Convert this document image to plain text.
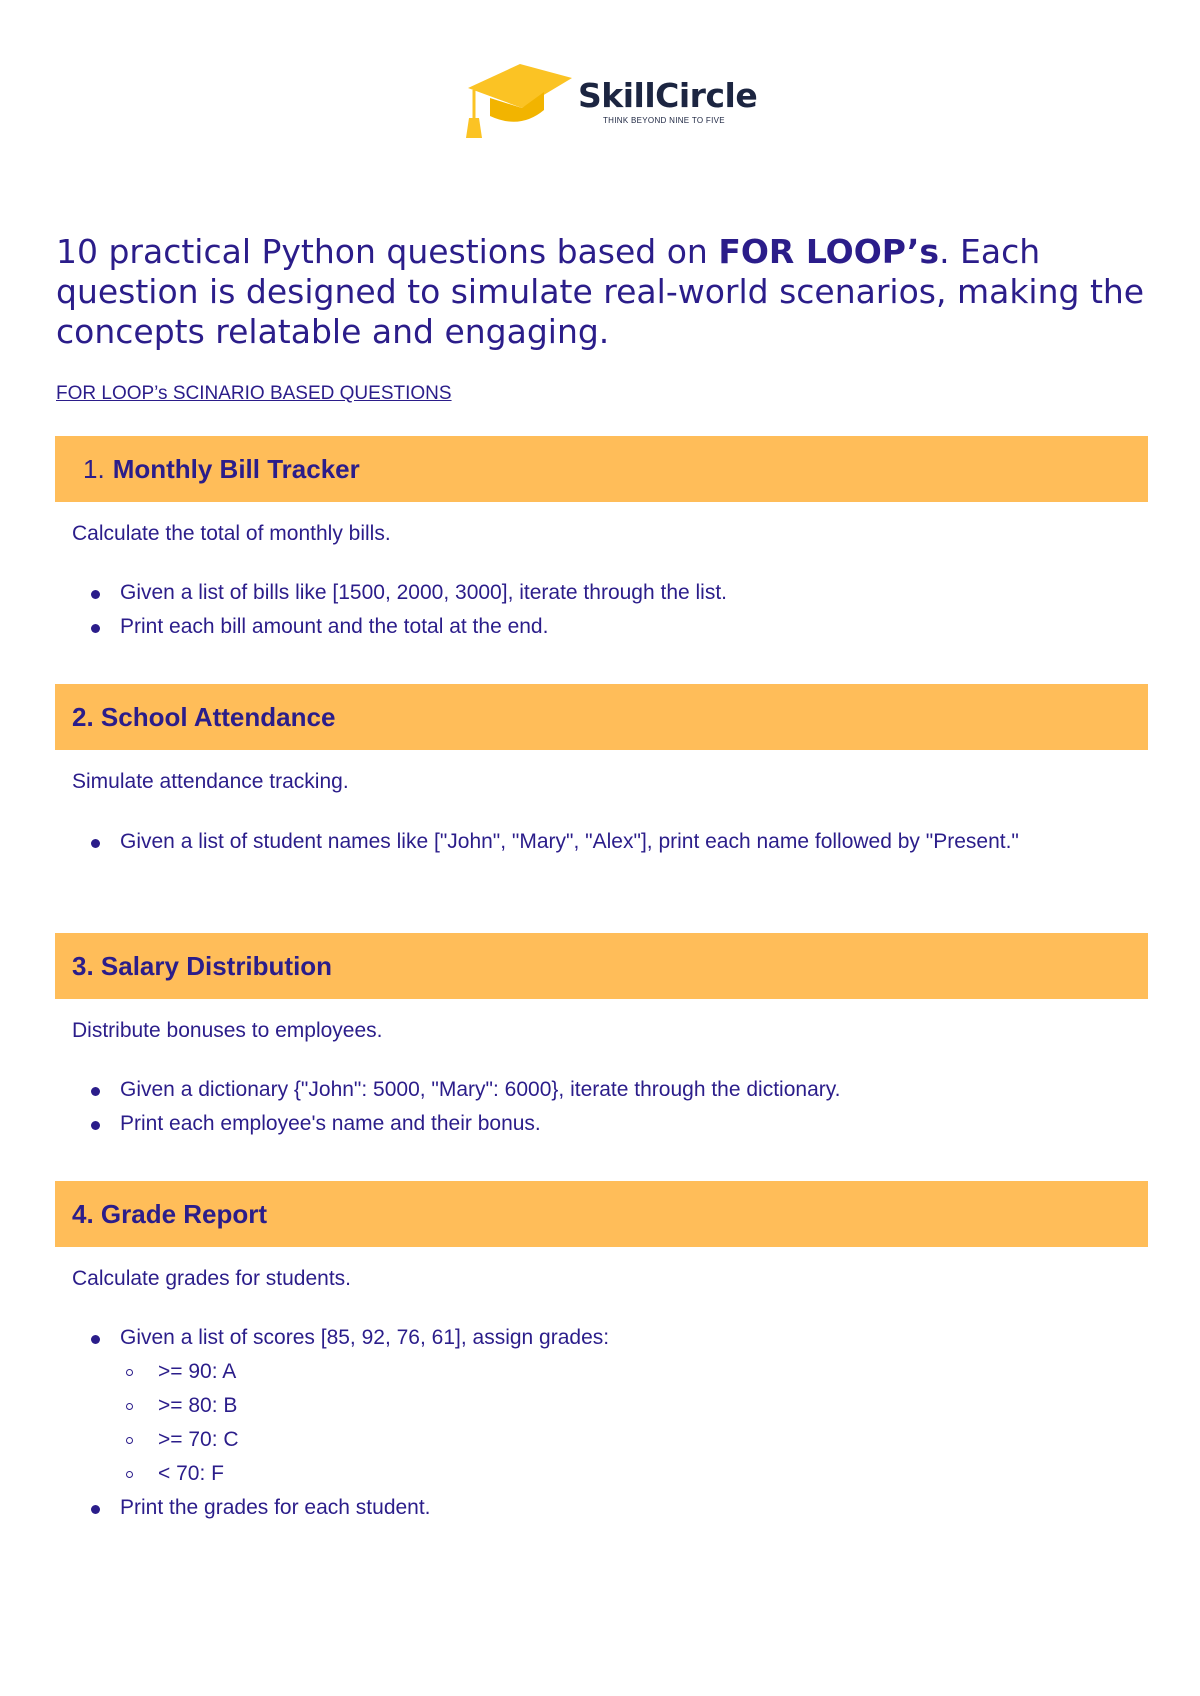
SkillCircle
THINK BEYOND NINE TO FIVE
10 practical Python questions based on FOR LOOP’s. Each question is designed to simulate real-world scenarios, making the concepts relatable and engaging.
FOR LOOP’s SCINARIO BASED QUESTIONS
1. Monthly Bill Tracker
Calculate the total of monthly bills.
Given a list of bills like [1500, 2000, 3000], iterate through the list.
Print each bill amount and the total at the end.
2. School Attendance
Simulate attendance tracking.
Given a list of student names like ["John", "Mary", "Alex"], print each name followed by "Present."
3. Salary Distribution
Distribute bonuses to employees.
Given a dictionary {"John": 5000, "Mary": 6000}, iterate through the dictionary.
Print each employee's name and their bonus.
4. Grade Report
Calculate grades for students.
Given a list of scores [85, 92, 76, 61], assign grades:
>= 90: A
>= 80: B
>= 70: C
< 70: F
Print the grades for each student.
